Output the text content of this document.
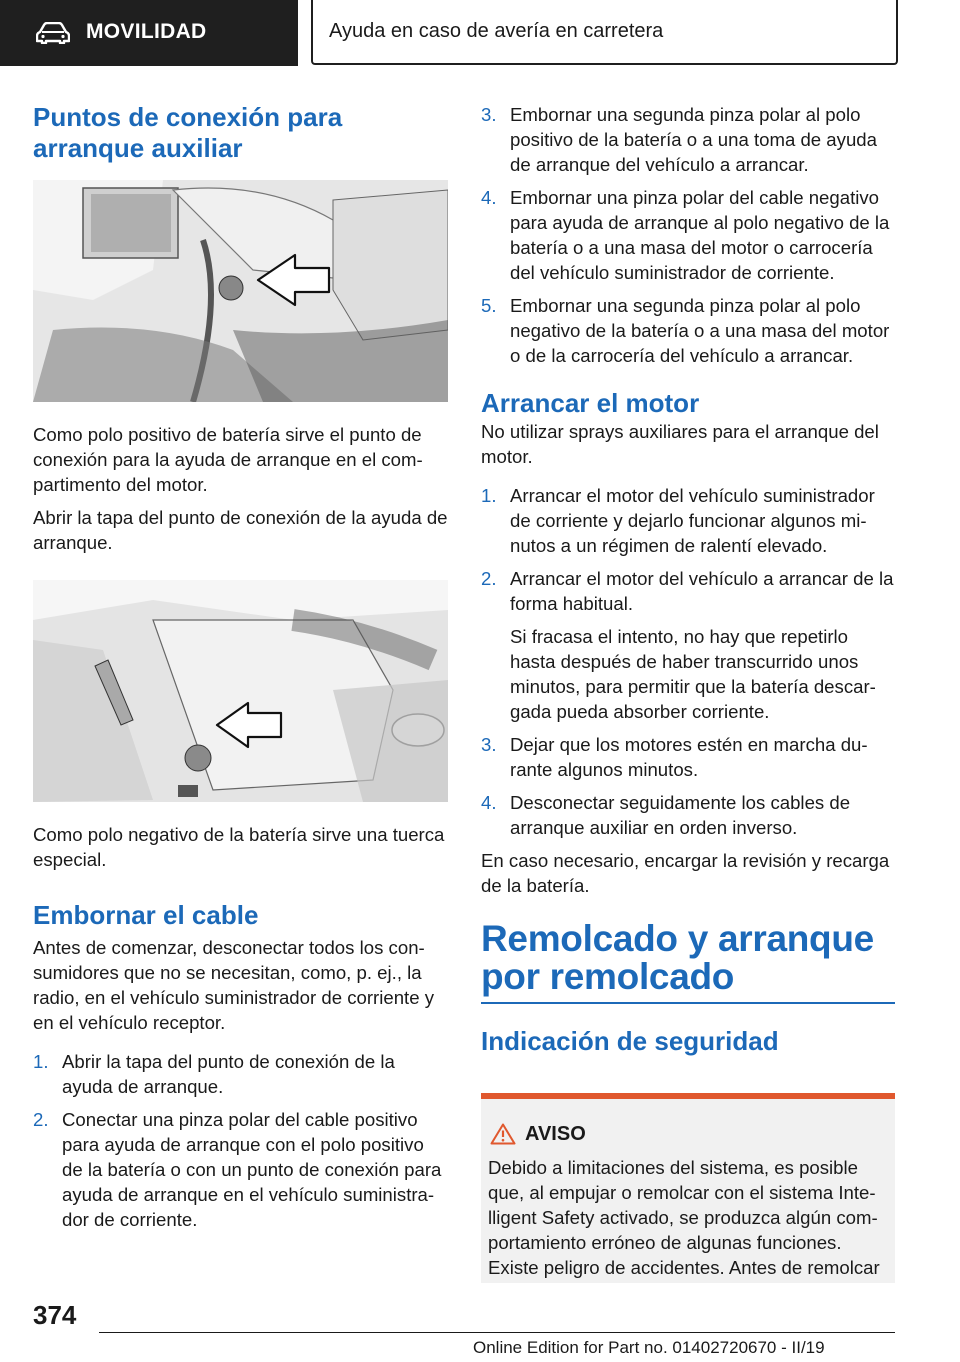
MOVILIDAD	Ayuda en caso de avería en carretera
Puntos de conexión para arranque auxiliar

Como polo positivo de batería sirve el punto de conexión para la ayuda de arranque en el com-partimento del motor.

Abrir la tapa del punto de conexión de la ayuda de arranque.

Como polo negativo de la batería sirve una tuerca especial.

Embornar el cable

Antes de comenzar, desconectar todos los con-sumidores que no se necesitan, como, p. ej., la radio, en el vehículo suministrador de corriente y en el vehículo receptor.

1. Abrir la tapa del punto de conexión de la ayuda de arranque.
2. Conectar una pinza polar del cable positivo para ayuda de arranque con el polo positivo de la batería o con un punto de conexión para ayuda de arranque en el vehículo suministra-dor de corriente.
3. Embornar una segunda pinza polar al polo positivo de la batería o a una toma de ayuda de arranque del vehículo a arrancar.
4. Embornar una pinza polar del cable negativo para ayuda de arranque al polo negativo de la batería o a una masa del motor o carrocería del vehículo suministrador de corriente.
5. Embornar una segunda pinza polar al polo negativo de la batería o a una masa del motor o de la carrocería del vehículo a arrancar.
Arrancar el motor

No utilizar sprays auxiliares para el arranque del motor.

1. Arrancar el motor del vehículo suministrador de corriente y dejarlo funcionar algunos mi-nutos a un régimen de ralentí elevado.
2. Arrancar el motor del vehículo a arrancar de la forma habitual.
Si fracasa el intento, no hay que repetirlo hasta después de haber transcurrido unos minutos, para permitir que la batería descar-gada pueda absorber corriente.
3. Dejar que los motores estén en marcha du-rante algunos minutos.
4. Desconectar seguidamente los cables de arranque auxiliar en orden inverso.

En caso necesario, encargar la revisión y recarga de la batería.

Remolcado y arranque por remolcado
Indicación de seguridad
AVISO
Debido a limitaciones del sistema, es posible que, al empujar o remolcar con el sistema Inte-lligent Safety activado, se produzca algún com-portamiento erróneo de algunas funciones. Existe peligro de accidentes. Antes de remolcar
374
Online Edition for Part no. 01402720670 - II/19
